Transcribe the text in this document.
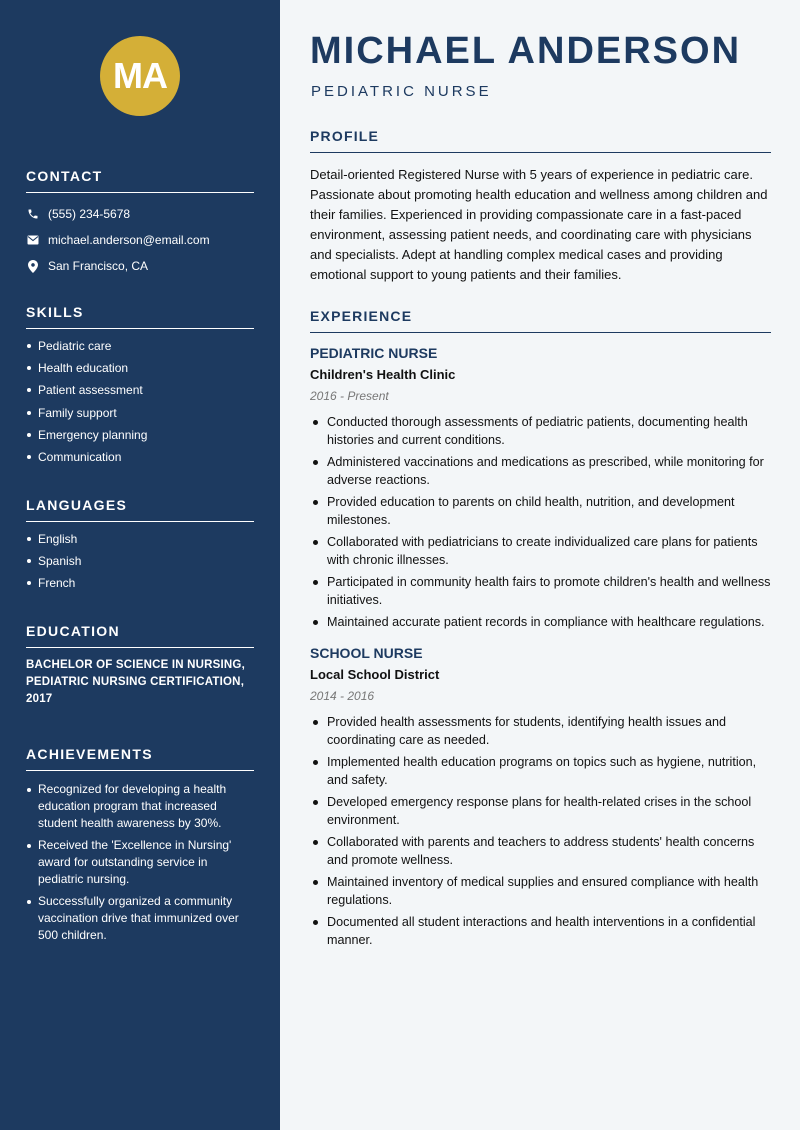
MA
CONTACT
(555) 234-5678
michael.anderson@email.com
San Francisco, CA
SKILLS
Pediatric care
Health education
Patient assessment
Family support
Emergency planning
Communication
LANGUAGES
English
Spanish
French
EDUCATION
BACHELOR OF SCIENCE IN NURSING, PEDIATRIC NURSING CERTIFICATION, 2017
ACHIEVEMENTS
Recognized for developing a health education program that increased student health awareness by 30%.
Received the 'Excellence in Nursing' award for outstanding service in pediatric nursing.
Successfully organized a community vaccination drive that immunized over 500 children.
MICHAEL ANDERSON
PEDIATRIC NURSE
PROFILE
Detail-oriented Registered Nurse with 5 years of experience in pediatric care. Passionate about promoting health education and wellness among children and their families. Experienced in providing compassionate care in a fast-paced environment, assessing patient needs, and coordinating care with physicians and specialists. Adept at handling complex medical cases and providing emotional support to young patients and their families.
EXPERIENCE
PEDIATRIC NURSE
Children's Health Clinic
2016 - Present
Conducted thorough assessments of pediatric patients, documenting health histories and current conditions.
Administered vaccinations and medications as prescribed, while monitoring for adverse reactions.
Provided education to parents on child health, nutrition, and development milestones.
Collaborated with pediatricians to create individualized care plans for patients with chronic illnesses.
Participated in community health fairs to promote children's health and wellness initiatives.
Maintained accurate patient records in compliance with healthcare regulations.
SCHOOL NURSE
Local School District
2014 - 2016
Provided health assessments for students, identifying health issues and coordinating care as needed.
Implemented health education programs on topics such as hygiene, nutrition, and safety.
Developed emergency response plans for health-related crises in the school environment.
Collaborated with parents and teachers to address students' health concerns and promote wellness.
Maintained inventory of medical supplies and ensured compliance with health regulations.
Documented all student interactions and health interventions in a confidential manner.
